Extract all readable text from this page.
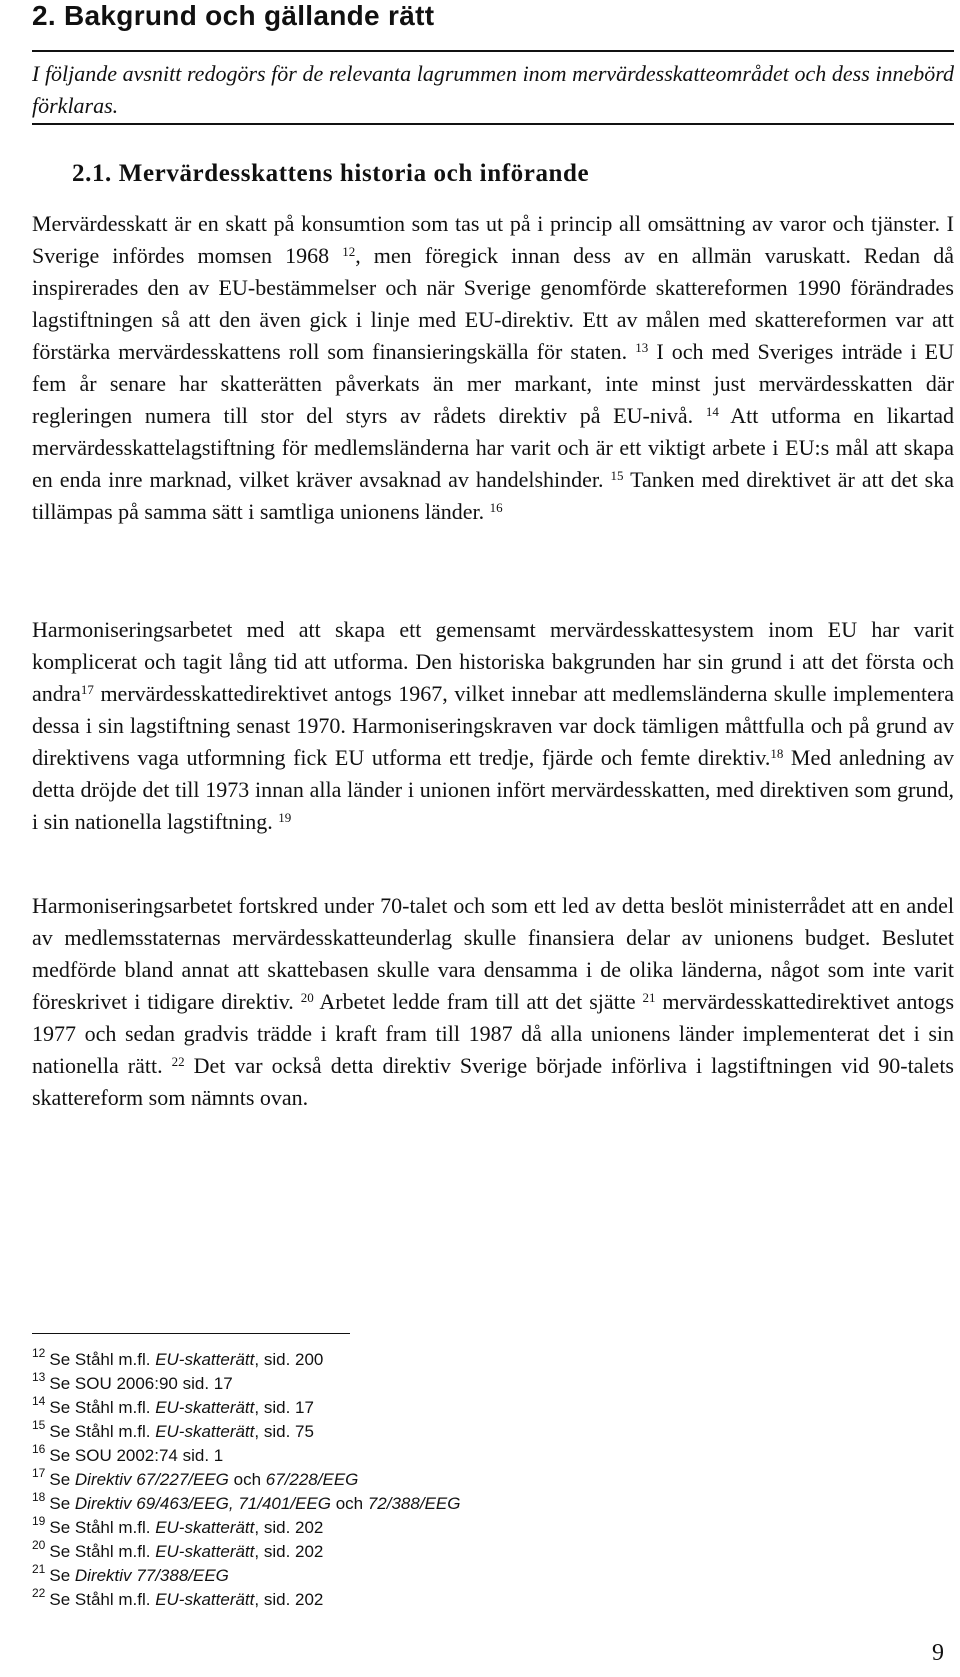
2. Bakgrund och gällande rätt

I följande avsnitt redogörs för de relevanta lagrummen inom mervärdesskatteområdet och dess innebörd förklaras.

2.1. Mervärdesskattens historia och införande

Mervärdesskatt är en skatt på konsumtion som tas ut på i princip all omsättning av varor och tjänster. I Sverige infördes momsen 1968 $^{12}$, men föregick innan dess av en allmän varuskatt. Redan då inspirerades den av EU-bestämmelser och när Sverige genomförde skattereformen 1990 förändrades lagstiftningen så att den även gick i linje med EU-direktiv. Ett av målen med skattereformen var att förstärka mervärdesskattens roll som finansieringskälla för staten. $^{13}$ I och med Sveriges inträde i EU fem år senare har skatterätten påverkats än mer markant, inte minst just mervärdesskatten där regleringen numera till stor del styrs av rådets direktiv på EU-nivå. $^{14}$ Att utforma en likartad mervärdesskattelagstiftning för medlemsländerna har varit och är ett viktigt arbete i EU:s mål att skapa en enda inre marknad, vilket kräver avsaknad av handelshinder. $^{15}$ Tanken med direktivet är att det ska tillämpas på samma sätt i samtliga unionens länder. $^{16}$

Harmoniseringsarbetet med att skapa ett gemensamt mervärdesskattesystem inom EU har varit komplicerat och tagit lång tid att utforma. Den historiska bakgrunden har sin grund i att det första och andra$^{17}$ mervärdesskattedirektivet antogs 1967, vilket innebar att medlemsländerna skulle implementera dessa i sin lagstiftning senast 1970. Harmoniseringskraven var dock tämligen måttfulla och på grund av direktivens vaga utformning fick EU utforma ett tredje, fjärde och femte direktiv.$^{18}$ Med anledning av detta dröjde det till 1973 innan alla länder i unionen infört mervärdesskatten, med direktiven som grund, i sin nationella lagstiftning. $^{19}$

Harmoniseringsarbetet fortskred under 70-talet och som ett led av detta beslöt ministerrådet att en andel av medlemsstaternas mervärdesskatteunderlag skulle finansiera delar av unionens budget. Beslutet medförde bland annat att skattebasen skulle vara densamma i de olika länderna, något som inte varit föreskrivet i tidigare direktiv. $^{20}$ Arbetet ledde fram till att det sjätte $^{21}$ mervärdesskattedirektivet antogs 1977 och sedan gradvis trädde i kraft fram till 1987 då alla unionens länder implementerat det i sin nationella rätt. $^{22}$ Det var också detta direktiv Sverige började införliva i lagstiftningen vid 90-talets skattereform som nämnts ovan.

$^{12}$ Se Ståhl m.fl. EU-skatterätt, sid. 200
$^{13}$ Se SOU 2006:90 sid. 17
$^{14}$ Se Ståhl m.fl. EU-skatterätt, sid. 17
$^{15}$ Se Ståhl m.fl. EU-skatterätt, sid. 75
$^{16}$ Se SOU 2002:74 sid. 1
$^{17}$ Se Direktiv 67/227/EEG och 67/228/EEG
$^{18}$ Se Direktiv 69/463/EEG, 71/401/EEG och 72/388/EEG
$^{19}$ Se Ståhl m.fl. EU-skatterätt, sid. 202
$^{20}$ Se Ståhl m.fl. EU-skatterätt, sid. 202
$^{21}$ Se Direktiv 77/388/EEG
$^{22}$ Se Ståhl m.fl. EU-skatterätt, sid. 202
9
